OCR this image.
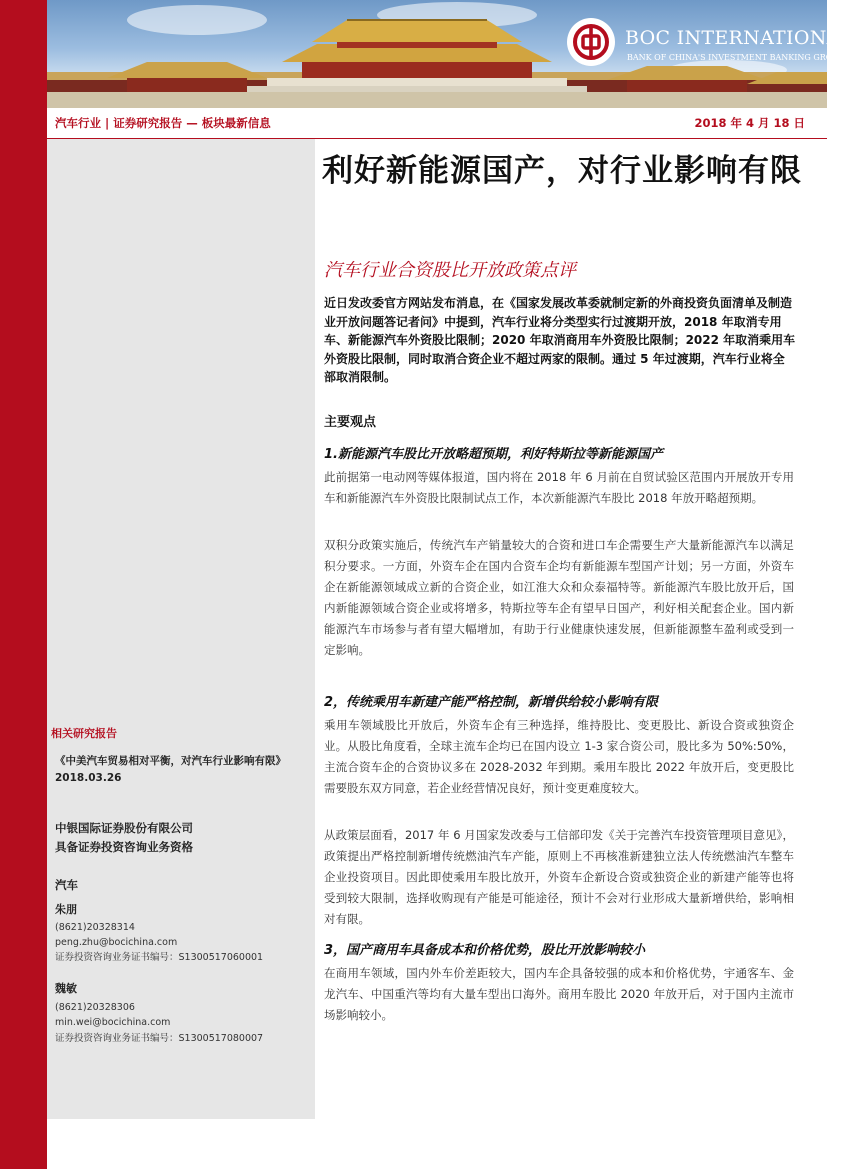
BOC INTERNATIONAL
BANK OF CHINA'S INVESTMENT BANKING GROUP
汽车行业 | 证券研究报告 — 板块最新信息	2018 年 4 月 18 日
相关研究报告
《中美汽车贸易相对平衡，对汽车行业影响有限》2018.03.26
中银国际证券股份有限公司
具备证券投资咨询业务资格
汽车
朱朋
(8621)20328314
peng.zhu@bocichina.com
证券投资咨询业务证书编号：S1300517060001
魏敏
(8621)20328306
min.wei@bocichina.com
证券投资咨询业务证书编号：S1300517080007
利好新能源国产，对行业影响有限
汽车行业合资股比开放政策点评
近日发改委官方网站发布消息，在《国家发展改革委就制定新的外商投资负面清单及制造业开放问题答记者问》中提到，汽车行业将分类型实行过渡期开放，2018 年取消专用车、新能源汽车外资股比限制；2020 年取消商用车外资股比限制；2022 年取消乘用车外资股比限制，同时取消合资企业不超过两家的限制。通过 5 年过渡期，汽车行业将全部取消限制。
主要观点
1.新能源汽车股比开放略超预期，利好特斯拉等新能源国产
此前据第一电动网等媒体报道，国内将在 2018 年 6 月前在自贸试验区范围内开展放开专用车和新能源汽车外资股比限制试点工作，本次新能源汽车股比 2018 年放开略超预期。
双积分政策实施后，传统汽车产销量较大的合资和进口车企需要生产大量新能源汽车以满足积分要求。一方面，外资车企在国内合资车企均有新能源车型国产计划；另一方面，外资车企在新能源领域成立新的合资企业，如江淮大众和众泰福特等。新能源汽车股比放开后，国内新能源领域合资企业或将增多，特斯拉等车企有望早日国产，利好相关配套企业。国内新能源汽车市场参与者有望大幅增加，有助于行业健康快速发展，但新能源整车盈利或受到一定影响。
2，传统乘用车新建产能严格控制，新增供给较小影响有限
乘用车领域股比开放后，外资车企有三种选择，维持股比、变更股比、新设合资或独资企业。从股比角度看，全球主流车企均已在国内设立 1-3 家合资公司，股比多为 50%:50%，主流合资车企的合资协议多在 2028-2032 年到期。乘用车股比 2022 年放开后，变更股比需要股东双方同意，若企业经营情况良好，预计变更难度较大。
从政策层面看，2017 年 6 月国家发改委与工信部印发《关于完善汽车投资管理项目意见》，政策提出严格控制新增传统燃油汽车产能，原则上不再核准新建独立法人传统燃油汽车整车企业投资项目。因此即使乘用车股比放开，外资车企新设合资或独资企业的新建产能等也将受到较大限制，选择收购现有产能是可能途径，预计不会对行业形成大量新增供给，影响相对有限。
3，国产商用车具备成本和价格优势，股比开放影响较小
在商用车领域，国内外车价差距较大，国内车企具备较强的成本和价格优势，宇通客车、金龙汽车、中国重汽等均有大量车型出口海外。商用车股比 2020 年放开后，对于国内主流市场影响较小。
